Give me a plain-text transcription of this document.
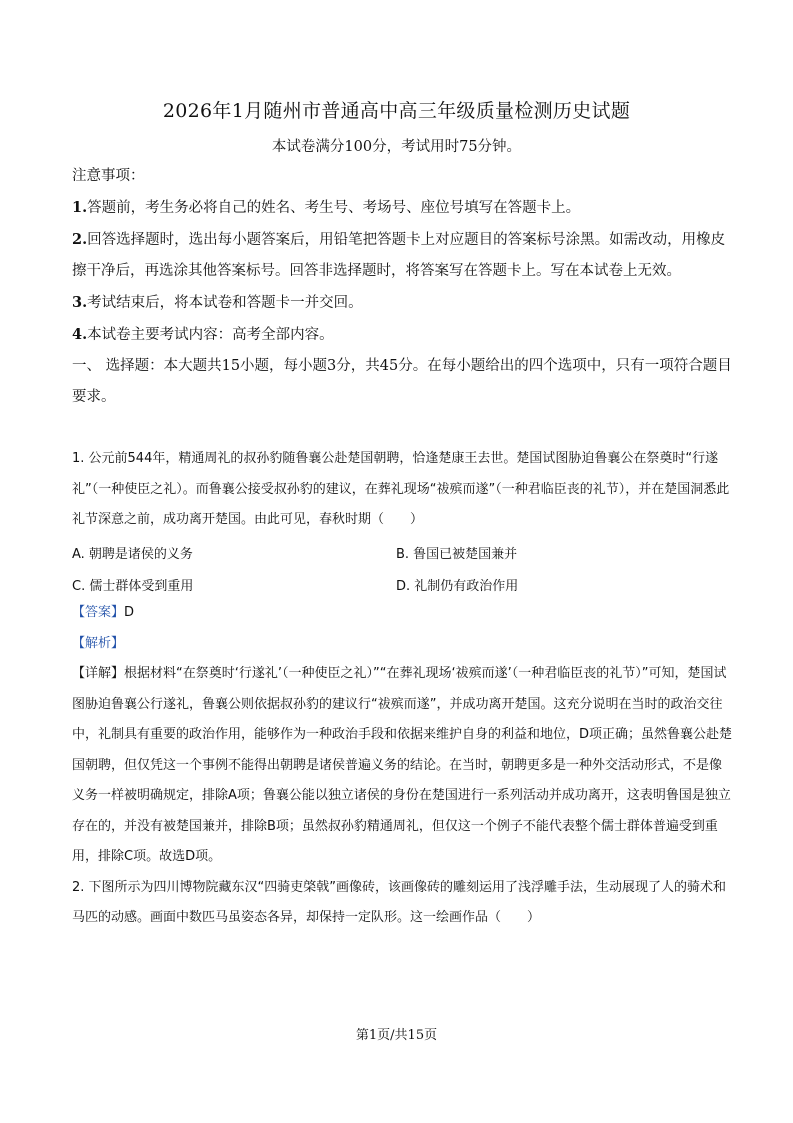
2026年1月随州市普通高中高三年级质量检测历史试题
本试卷满分100分，考试用时75分钟。

注意事项：

1.答题前，考生务必将自己的姓名、考生号、考场号、座位号填写在答题卡上。

2.回答选择题时，选出每小题答案后，用铅笔把答题卡上对应题目的答案标号涂黑。如需改动，用橡皮擦干净后，再选涂其他答案标号。回答非选择题时，将答案写在答题卡上。写在本试卷上无效。

3.考试结束后，将本试卷和答题卡一并交回。

4.本试卷主要考试内容：高考全部内容。

一、 选择题：本大题共15小题，每小题3分，共45分。在每小题给出的四个选项中，只有一项符合题目要求。

1. 公元前544年，精通周礼的叔孙豹随鲁襄公赴楚国朝聘，恰逢楚康王去世。楚国试图胁迫鲁襄公在祭奠时“行遂礼”（一种使臣之礼）。而鲁襄公接受叔孙豹的建议，在葬礼现场“祓殡而遂”（一种君临臣丧的礼节），并在楚国洞悉此礼节深意之前，成功离开楚国。由此可见，春秋时期（　　）

A. 朝聘是诸侯的义务	B. 鲁国已被楚国兼并
C. 儒士群体受到重用	D. 礼制仍有政治作用

【答案】D

【解析】

【详解】根据材料“在祭奠时‘行遂礼’（一种使臣之礼）”“在葬礼现场‘祓殡而遂’（一种君临臣丧的礼节）”可知，楚国试图胁迫鲁襄公行遂礼，鲁襄公则依据叔孙豹的建议行“祓殡而遂”，并成功离开楚国。这充分说明在当时的政治交往中，礼制具有重要的政治作用，能够作为一种政治手段和依据来维护自身的利益和地位，D项正确；虽然鲁襄公赴楚国朝聘，但仅凭这一个事例不能得出朝聘是诸侯普遍义务的结论。在当时，朝聘更多是一种外交活动形式，不是像义务一样被明确规定，排除A项；鲁襄公能以独立诸侯的身份在楚国进行一系列活动并成功离开，这表明鲁国是独立存在的，并没有被楚国兼并，排除B项；虽然叔孙豹精通周礼，但仅这一个例子不能代表整个儒士群体普遍受到重用，排除C项。故选D项。

2. 下图所示为四川博物院藏东汉“四骑吏棨戟”画像砖，该画像砖的雕刻运用了浅浮雕手法，生动展现了人的骑术和马匹的动感。画面中数匹马虽姿态各异，却保持一定队形。这一绘画作品（　　）

第1页/共15页
